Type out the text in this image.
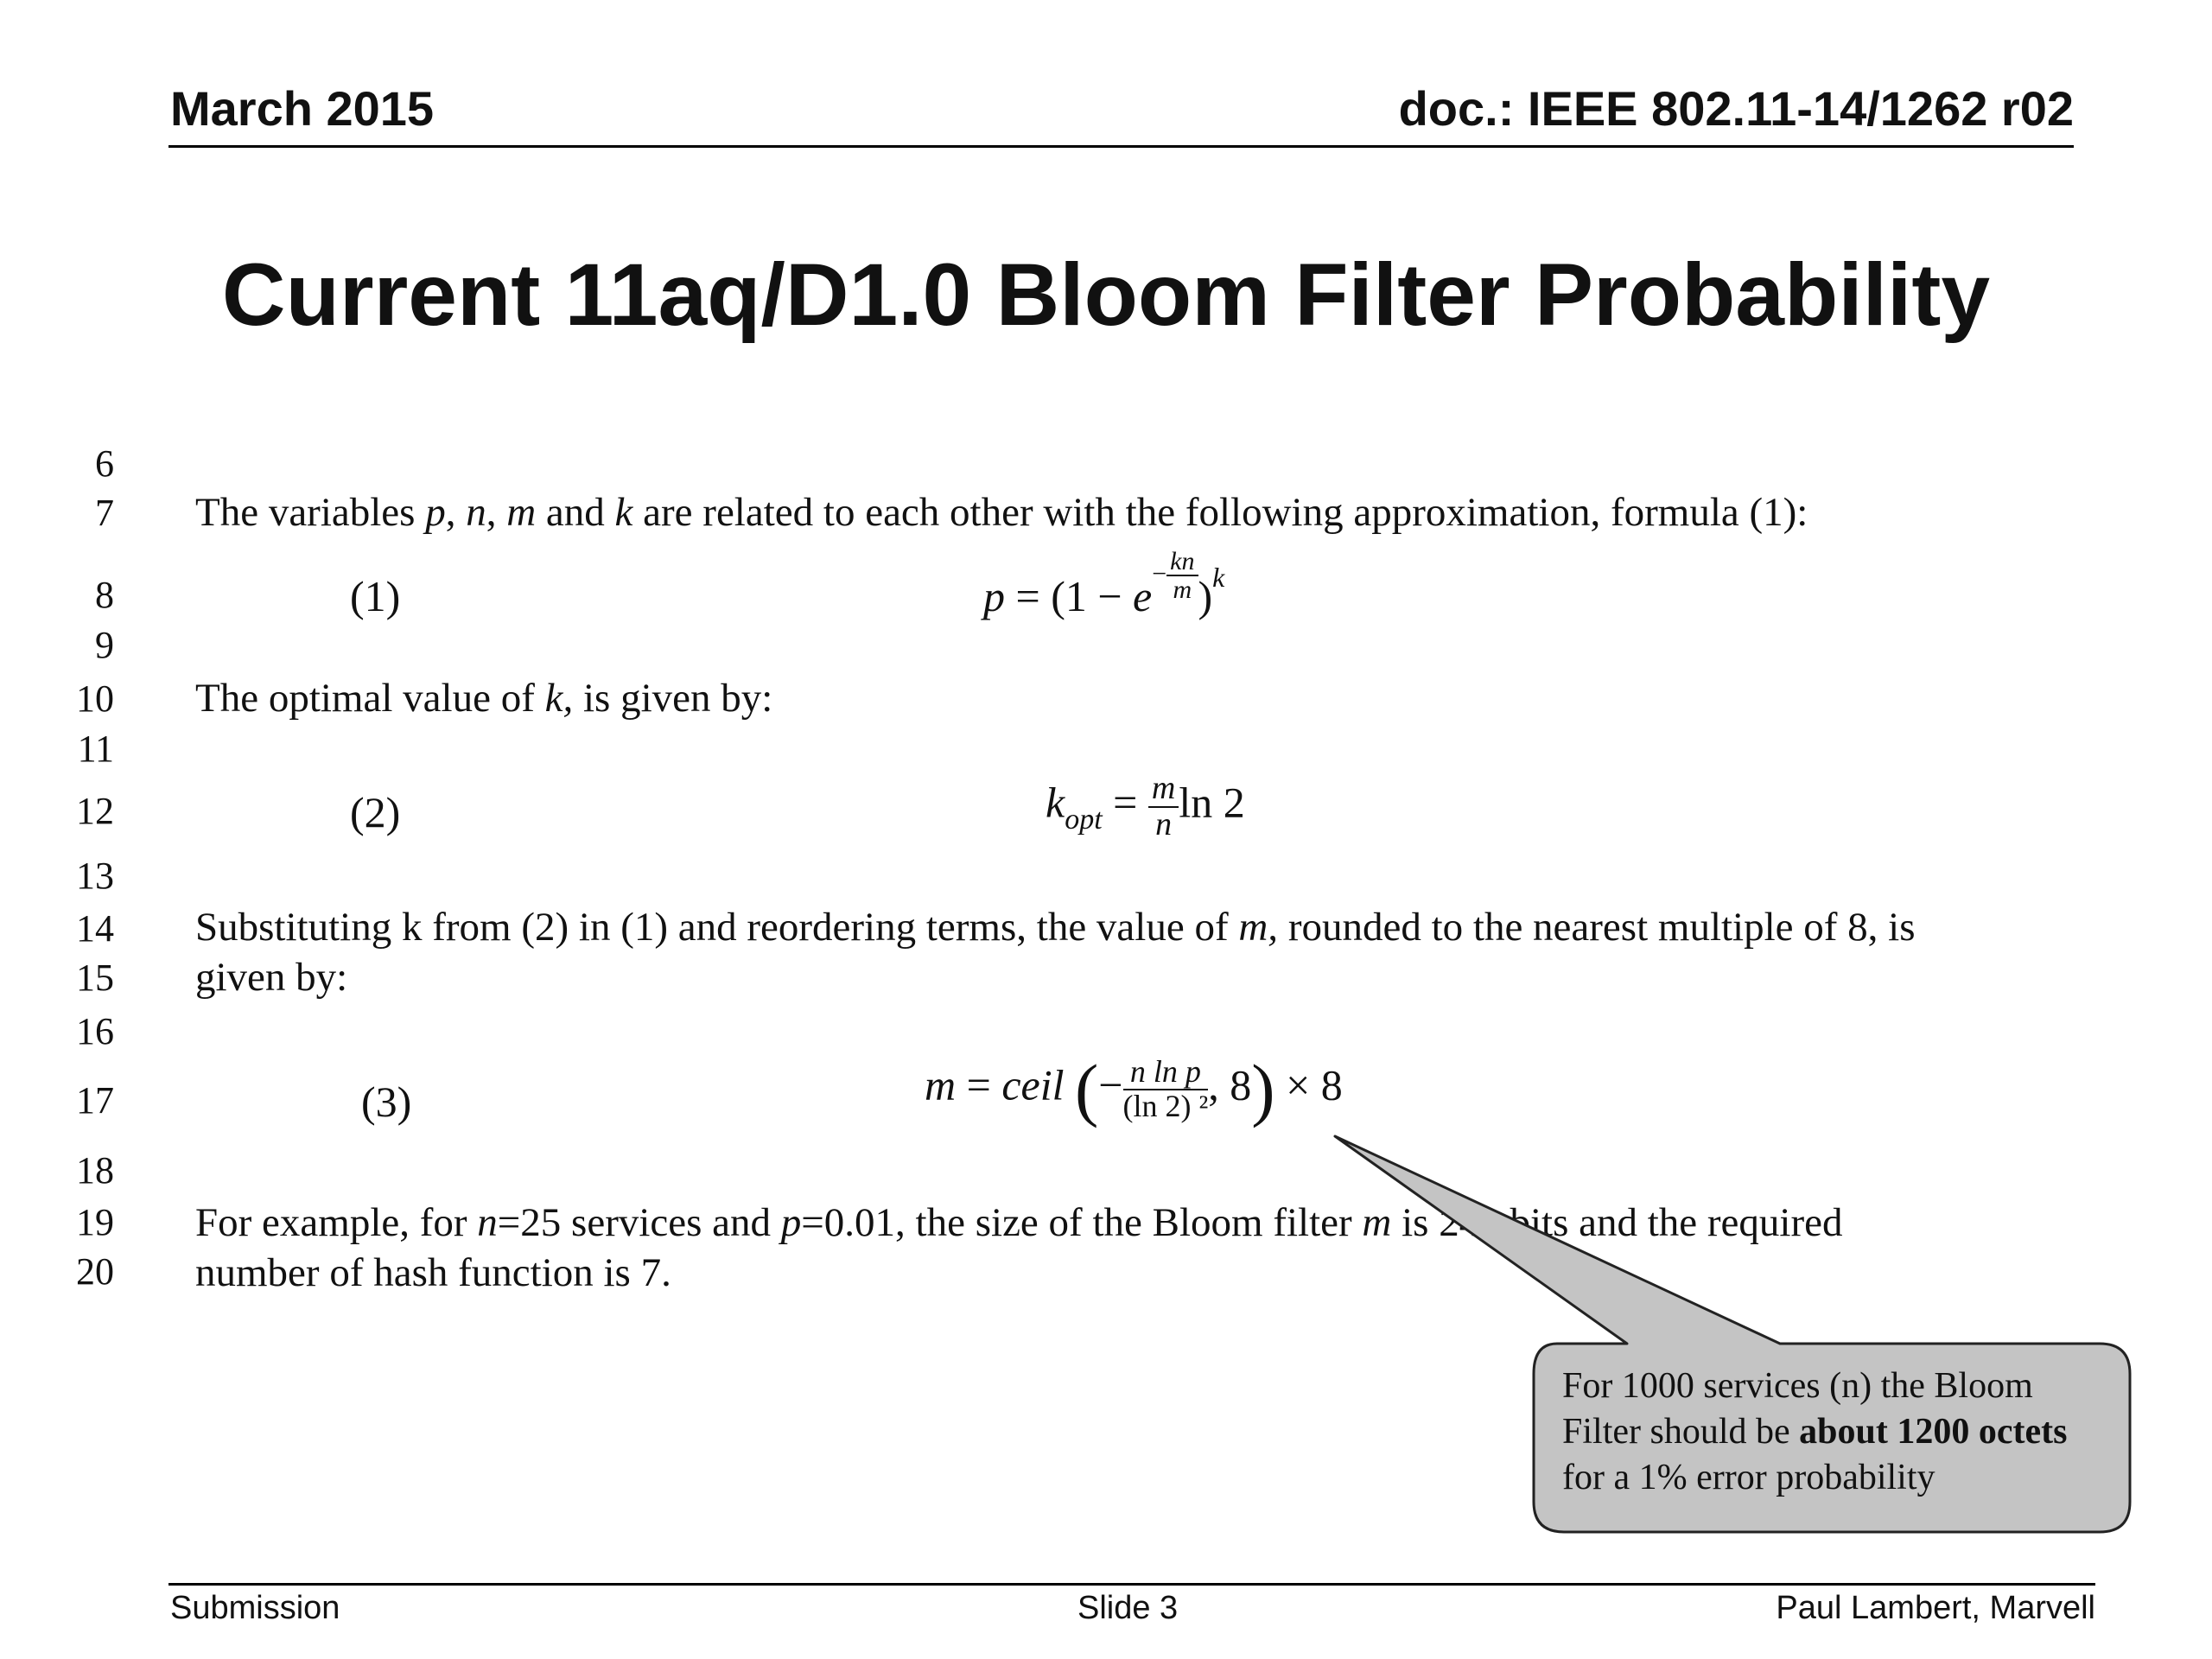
March 2015	doc.: IEEE 802.11-14/1262 r02
Current 11aq/D1.0 Bloom Filter Probability
6
7
8
9
10
11
12
13
14
15
16
17
18
19
20
The variables p, n, m and k are related to each other with the following approximation, formula (1):
(1)	$p = (1 - e- \frac{kn}{m} )^k$
The optimal value of k, is given by:
(2)	$k_{opt} = \frac{m}{n}$ ln 2
Substituting k from (2) in (1) and reordering terms, the value of m, rounded to the nearest multiple of 8, is
given by:
(3)	m = ceil (− $\frac{\text{n ln p}}{\text{(ln 2) ²}}$ , 8) × 8
For example, for n=25 services and p=0.01, the size of the Bloom filter m is 240 bits and the required
number of hash function is 7.
For 1000 services (n) the Bloom
Filter should be about 1200 octets
for a 1% error probability
Submission	Slide 3	Paul Lambert, Marvell
